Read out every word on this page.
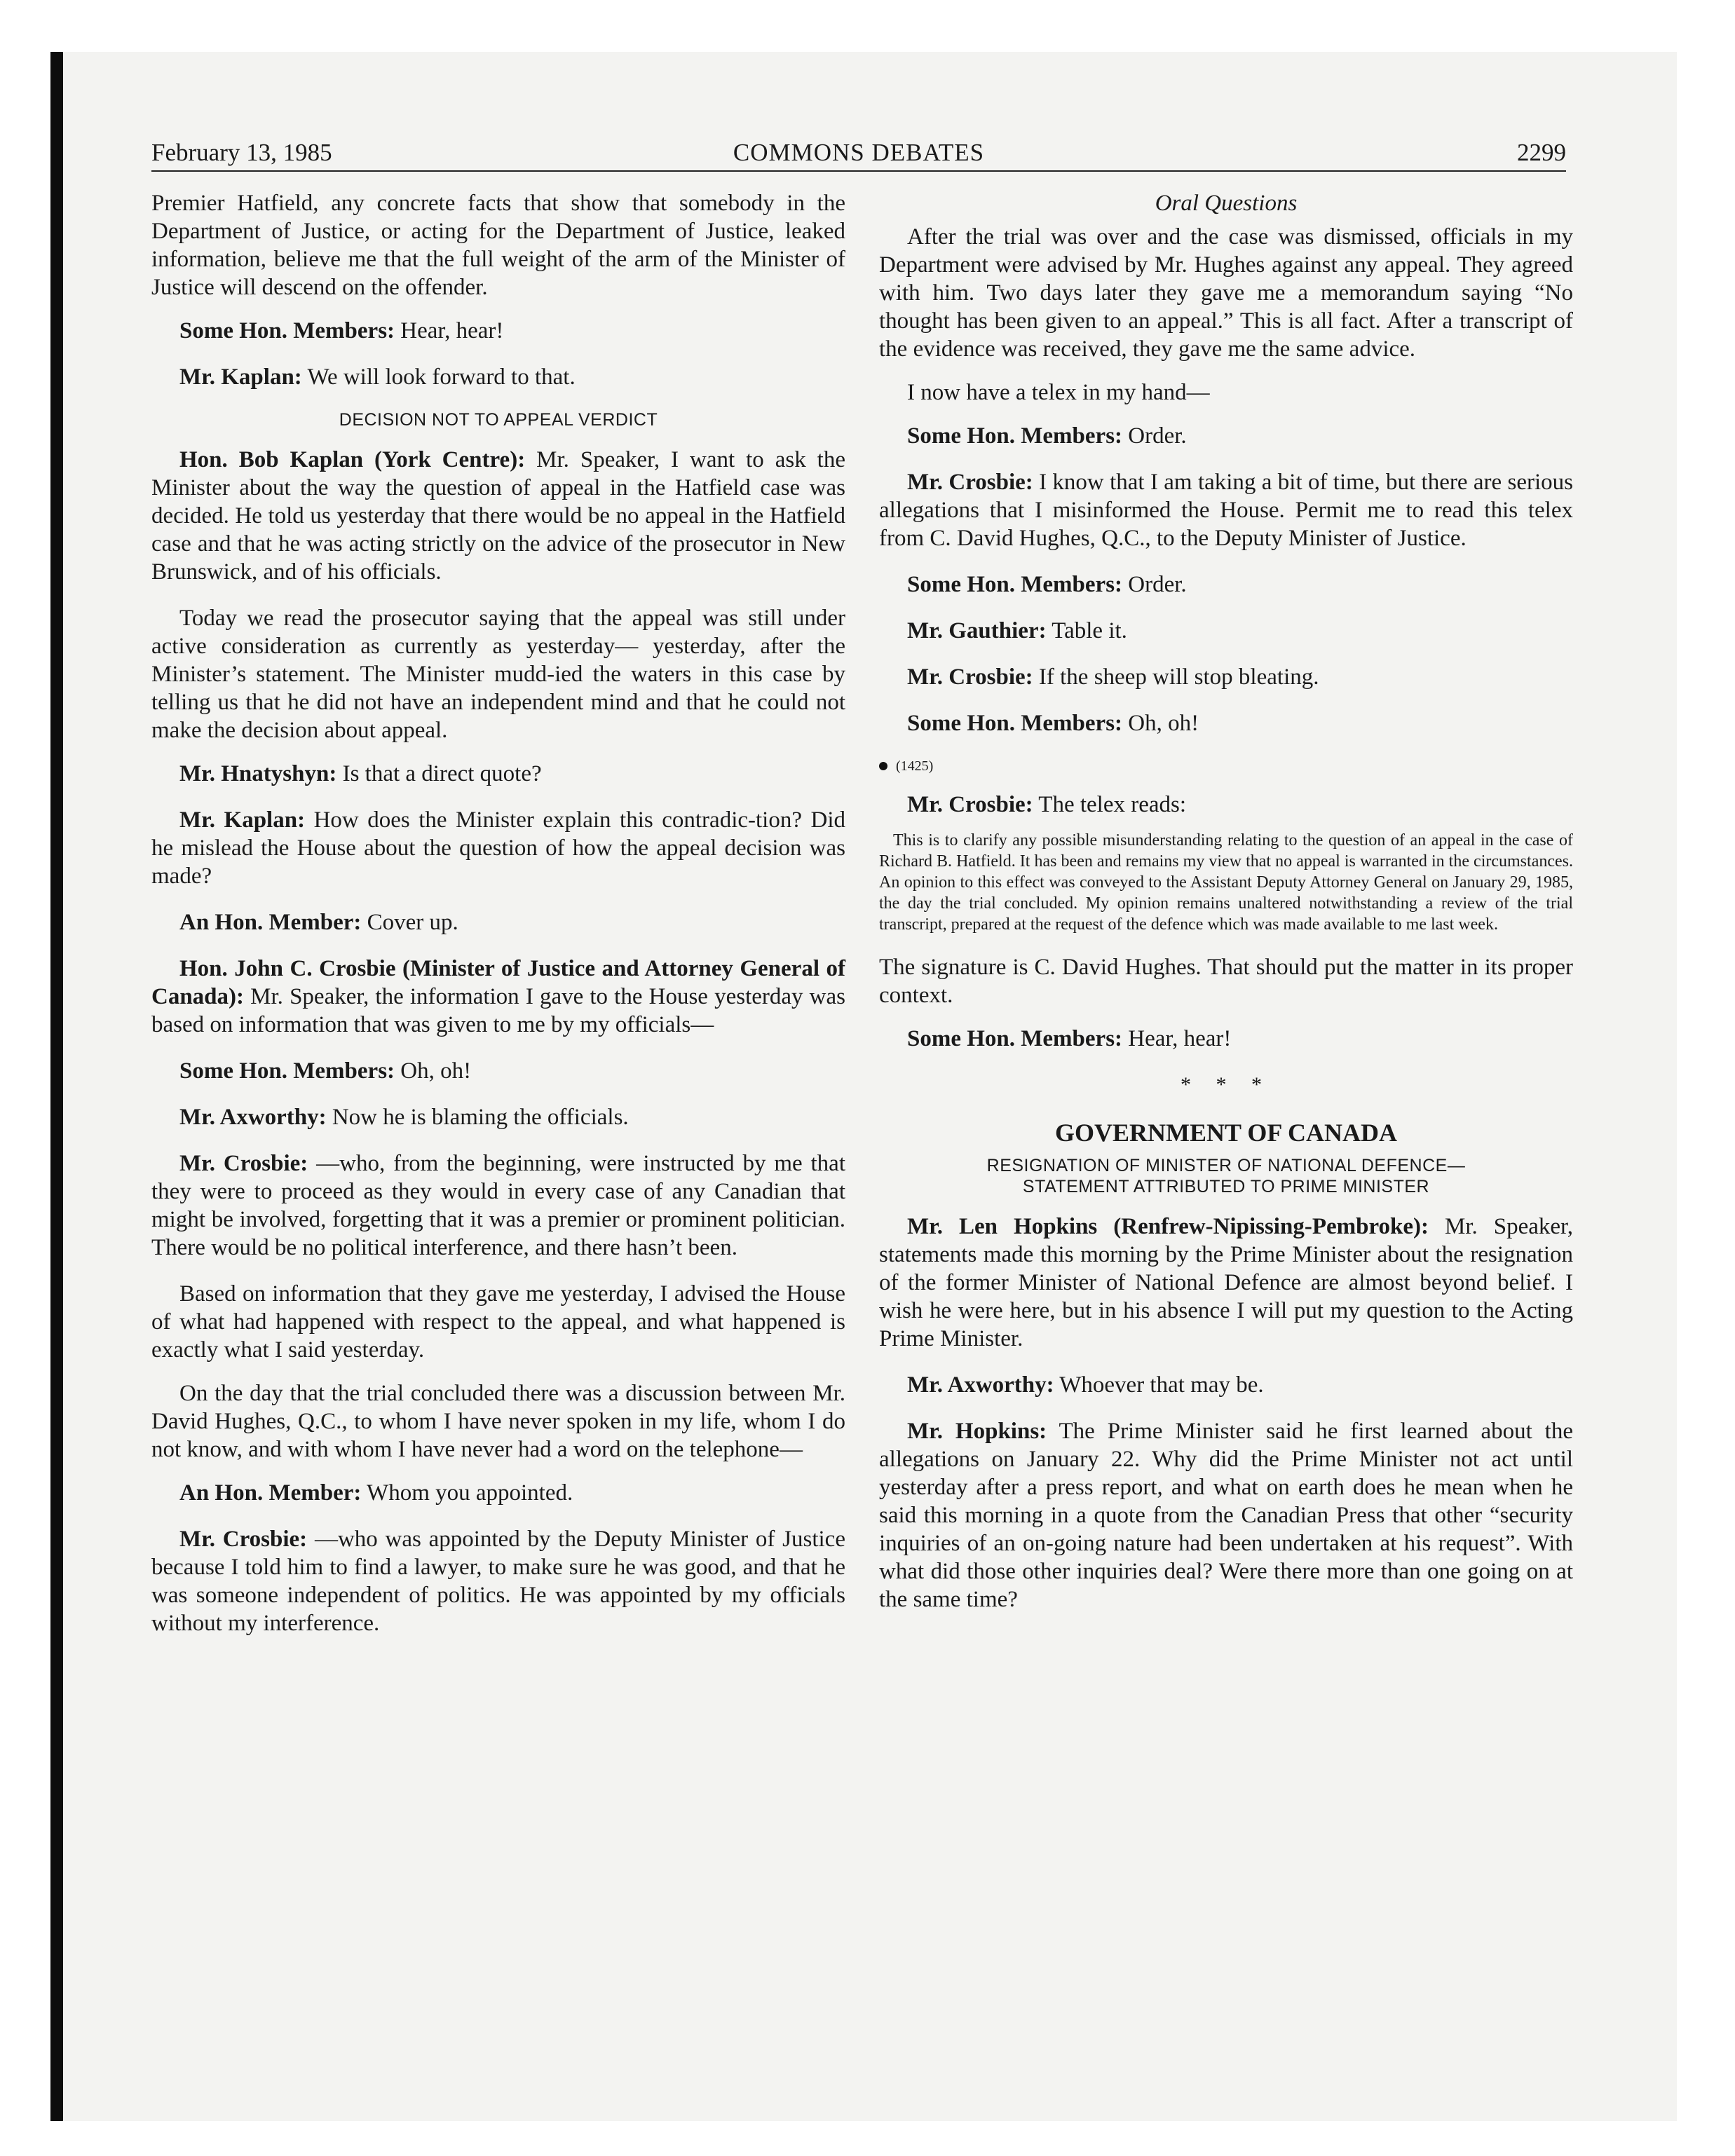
February 13, 1985	COMMONS DEBATES	2299

Premier Hatfield, any concrete facts that show that somebody in the Department of Justice, or acting for the Department of Justice, leaked information, believe me that the full weight of the arm of the Minister of Justice will descend on the offender.

Some Hon. Members: Hear, hear!

Mr. Kaplan: We will look forward to that.

DECISION NOT TO APPEAL VERDICT

Hon. Bob Kaplan (York Centre): Mr. Speaker, I want to ask the Minister about the way the question of appeal in the Hatfield case was decided. He told us yesterday that there would be no appeal in the Hatfield case and that he was acting strictly on the advice of the prosecutor in New Brunswick, and of his officials.

Today we read the prosecutor saying that the appeal was still under active consideration as currently as yesterday— yesterday, after the Minister’s statement. The Minister mudd-ied the waters in this case by telling us that he did not have an independent mind and that he could not make the decision about appeal.

Mr. Hnatyshyn: Is that a direct quote?

Mr. Kaplan: How does the Minister explain this contradic-tion? Did he mislead the House about the question of how the appeal decision was made?

An Hon. Member: Cover up.

Hon. John C. Crosbie (Minister of Justice and Attorney General of Canada): Mr. Speaker, the information I gave to the House yesterday was based on information that was given to me by my officials—

Some Hon. Members: Oh, oh!

Mr. Axworthy: Now he is blaming the officials.

Mr. Crosbie: —who, from the beginning, were instructed by me that they were to proceed as they would in every case of any Canadian that might be involved, forgetting that it was a premier or prominent politician. There would be no political interference, and there hasn’t been.

Based on information that they gave me yesterday, I advised the House of what had happened with respect to the appeal, and what happened is exactly what I said yesterday.

On the day that the trial concluded there was a discussion between Mr. David Hughes, Q.C., to whom I have never spoken in my life, whom I do not know, and with whom I have never had a word on the telephone—

An Hon. Member: Whom you appointed.

Mr. Crosbie: —who was appointed by the Deputy Minister of Justice because I told him to find a lawyer, to make sure he was good, and that he was someone independent of politics. He was appointed by my officials without my interference.

Oral Questions

After the trial was over and the case was dismissed, officials in my Department were advised by Mr. Hughes against any appeal. They agreed with him. Two days later they gave me a memorandum saying “No thought has been given to an appeal.” This is all fact. After a transcript of the evidence was received, they gave me the same advice.

I now have a telex in my hand—

Some Hon. Members: Order.

Mr. Crosbie: I know that I am taking a bit of time, but there are serious allegations that I misinformed the House. Permit me to read this telex from C. David Hughes, Q.C., to the Deputy Minister of Justice.

Some Hon. Members: Order.

Mr. Gauthier: Table it.

Mr. Crosbie: If the sheep will stop bleating.

Some Hon. Members: Oh, oh!

(1425)

Mr. Crosbie: The telex reads:

This is to clarify any possible misunderstanding relating to the question of an appeal in the case of Richard B. Hatfield. It has been and remains my view that no appeal is warranted in the circumstances. An opinion to this effect was conveyed to the Assistant Deputy Attorney General on January 29, 1985, the day the trial concluded. My opinion remains unaltered notwithstanding a review of the trial transcript, prepared at the request of the defence which was made available to me last week.

The signature is C. David Hughes. That should put the matter in its proper context.

Some Hon. Members: Hear, hear!

* * *
GOVERNMENT OF CANADA
RESIGNATION OF MINISTER OF NATIONAL DEFENCE—
STATEMENT ATTRIBUTED TO PRIME MINISTER

Mr. Len Hopkins (Renfrew-Nipissing-Pembroke): Mr. Speaker, statements made this morning by the Prime Minister about the resignation of the former Minister of National Defence are almost beyond belief. I wish he were here, but in his absence I will put my question to the Acting Prime Minister.

Mr. Axworthy: Whoever that may be.

Mr. Hopkins: The Prime Minister said he first learned about the allegations on January 22. Why did the Prime Minister not act until yesterday after a press report, and what on earth does he mean when he said this morning in a quote from the Canadian Press that other “security inquiries of an on-going nature had been undertaken at his request”. With what did those other inquiries deal? Were there more than one going on at the same time?
